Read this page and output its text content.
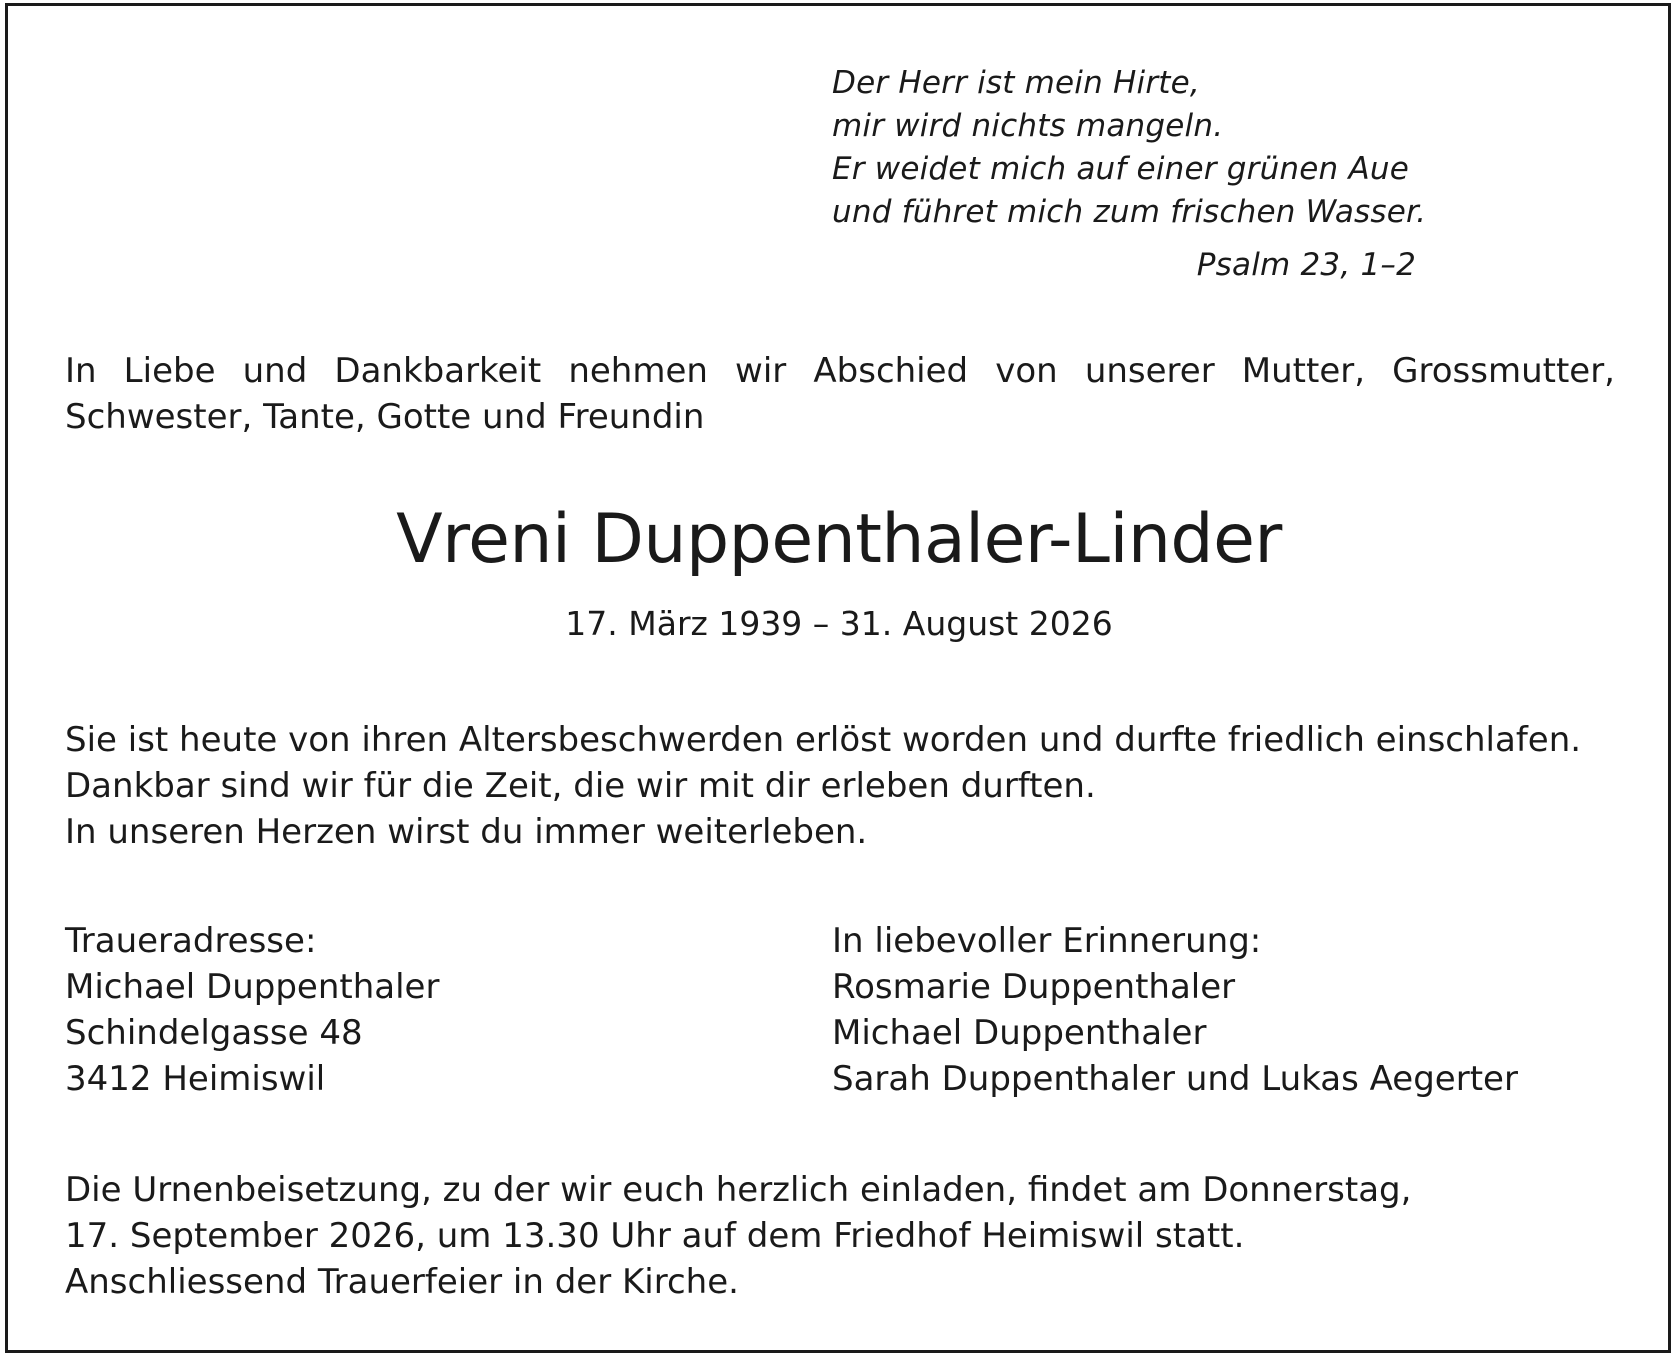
Der Herr ist mein Hirte,
mir wird nichts mangeln.
Er weidet mich auf einer grünen Aue
und führet mich zum frischen Wasser.
Psalm 23, 1–2
In Liebe und Dankbarkeit nehmen wir Abschied von unserer Mutter, Grossmutter,
Schwester, Tante, Gotte und Freundin
Vreni Duppenthaler-Linder
17. März 1939 – 31. August 2026
Sie ist heute von ihren Altersbeschwerden erlöst worden und durfte friedlich einschlafen.
Dankbar sind wir für die Zeit, die wir mit dir erleben durften.
In unseren Herzen wirst du immer weiterleben.
Traueradresse:
Michael Duppenthaler
Schindelgasse 48
3412 Heimiswil
In liebevoller Erinnerung:
Rosmarie Duppenthaler
Michael Duppenthaler
Sarah Duppenthaler und Lukas Aegerter
Die Urnenbeisetzung, zu der wir euch herzlich einladen, findet am Donnerstag,
17. September 2026, um 13.30 Uhr auf dem Friedhof Heimiswil statt.
Anschliessend Trauerfeier in der Kirche.
